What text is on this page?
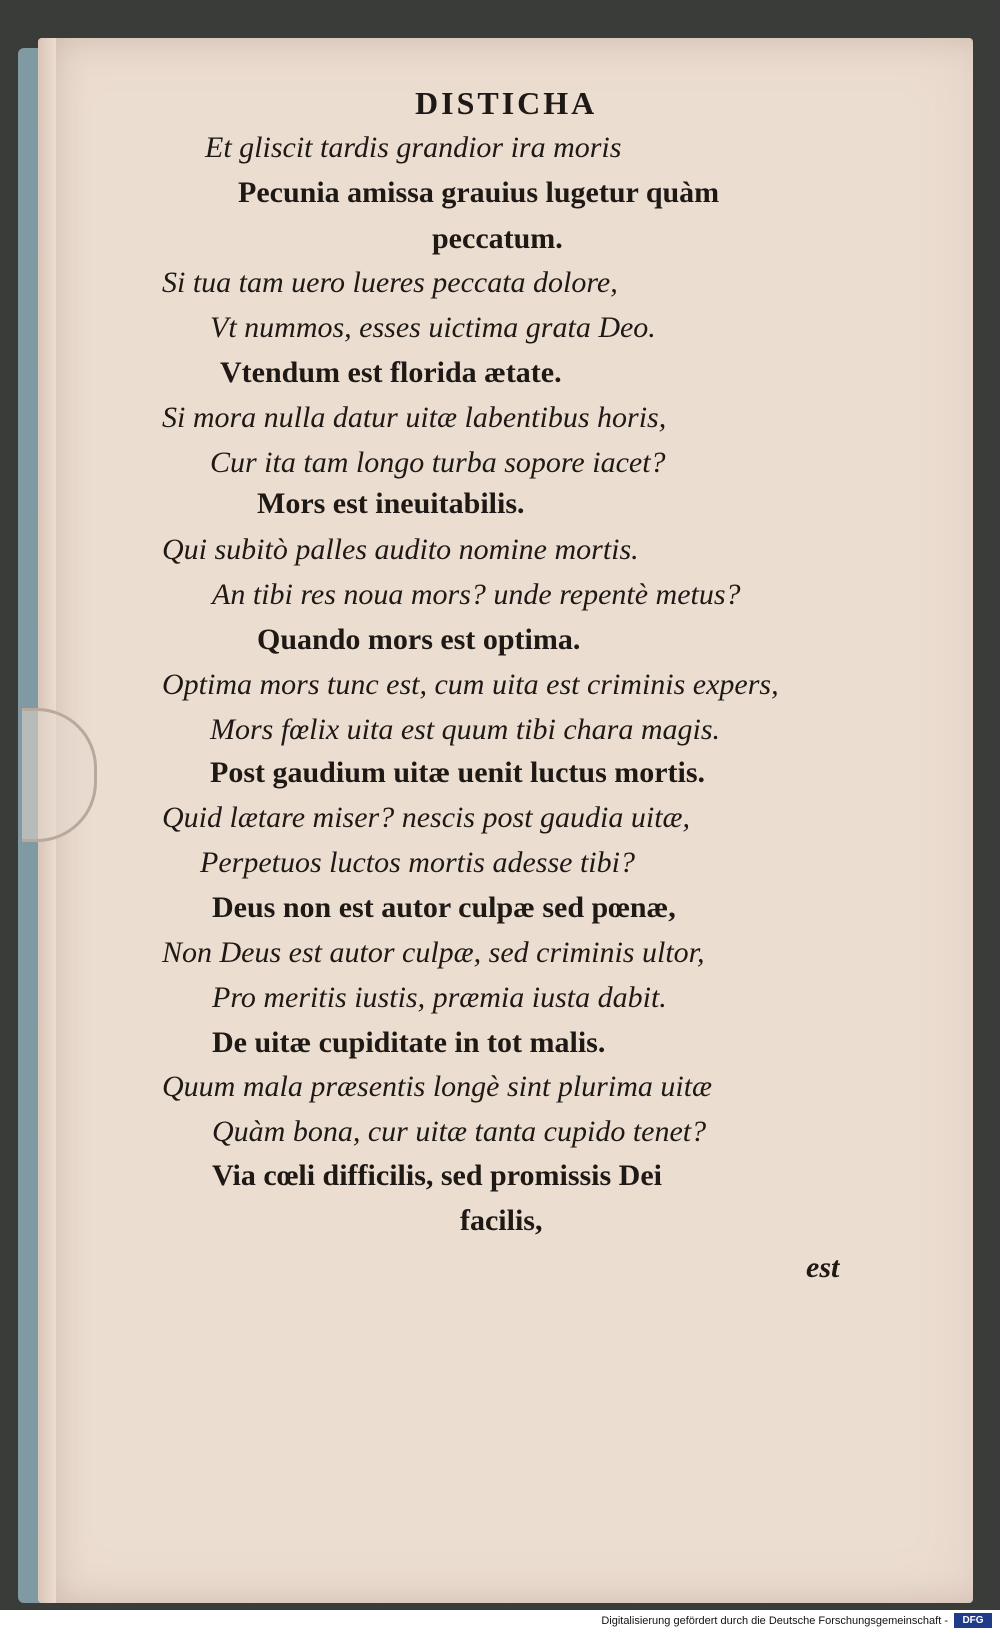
DISTICHA
Et gliscit tardis grandior ira moris
Pecunia amissa grauius lugetur quàm
peccatum.
Si tua tam uero lueres peccata dolore,
Vt nummos, esses uictima grata Deo.
Vtendum est florida ætate.
Si mora nulla datur uitæ labentibus horis,
Cur ita tam longo turba sopore iacet?
Mors est ineuitabilis.
Qui subitò palles audito nomine mortis.
An tibi res noua mors? unde repentè metus?
Quando mors est optima.
Optima mors tunc est, cum uita est criminis expers,
Mors fœlix uita est quum tibi chara magis.
Post gaudium uitæ uenit luctus mortis.
Quid lætare miser? nescis post gaudia uitæ,
Perpetuos luctos mortis adesse tibi?
Deus non est autor culpæ sed pœnæ,
Non Deus est autor culpæ, sed criminis ultor,
Pro meritis iustis, præmia iusta dabit.
De uitæ cupiditate in tot malis.
Quum mala præsentis longè sint plurima uitæ
Quàm bona, cur uitæ tanta cupido tenet?
Via cœli difficilis, sed promissis Dei
facilis,
est
Digitalisierung gefördert durch die Deutsche Forschungsgemeinschaft -	DFG
